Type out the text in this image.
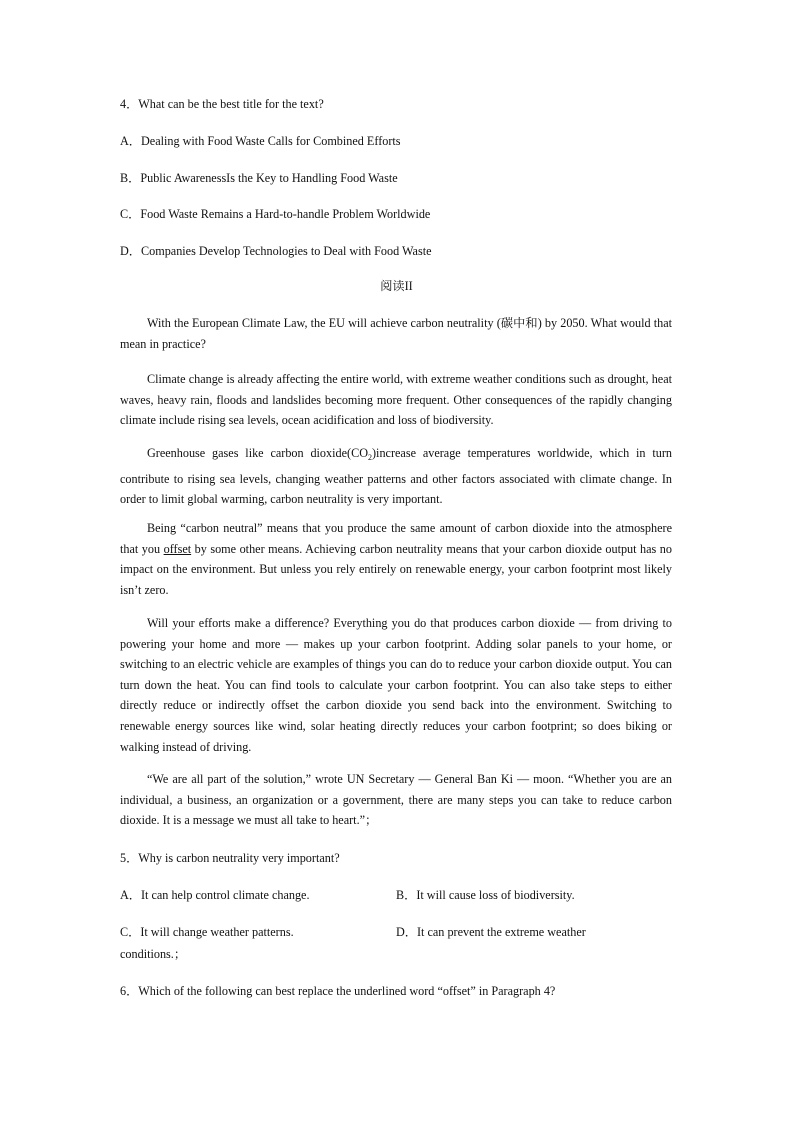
4．What can be the best title for the text?
A．Dealing with Food Waste Calls for Combined Efforts
B．Public AwarenessIs the Key to Handling Food Waste
C．Food Waste Remains a Hard-to-handle Problem Worldwide
D．Companies Develop Technologies to Deal with Food Waste
阅读II
With the European Climate Law, the EU will achieve carbon neutrality (碳中和) by 2050. What would that mean in practice?
Climate change is already affecting the entire world, with extreme weather conditions such as drought, heat waves, heavy rain, floods and landslides becoming more frequent. Other consequences of the rapidly changing climate include rising sea levels, ocean acidification and loss of biodiversity.
Greenhouse gases like carbon $dioxide(CO_2)increase$ average temperatures worldwide, which in turn contribute to rising sea levels, changing weather patterns and other factors associated with climate change. In order to limit global warming, carbon neutrality is very important.
Being “carbon neutral” means that you produce the same amount of carbon dioxide into the atmosphere that you offset by some other means. Achieving carbon neutrality means that your carbon dioxide output has no impact on the environment. But unless you rely entirely on renewable energy, your carbon footprint most likely isn’t zero.
Will your efforts make a difference? Everything you do that produces carbon dioxide — from driving to powering your home and more — makes up your carbon footprint. Adding solar panels to your home, or switching to an electric vehicle are examples of things you can do to reduce your carbon dioxide output. You can turn down the heat. You can find tools to calculate your carbon footprint. You can also take steps to either directly reduce or indirectly offset the carbon dioxide you send back into the environment. Switching to renewable energy sources like wind, solar heating directly reduces your carbon footprint; so does biking or walking instead of driving.
“We are all part of the solution,” wrote UN Secretary — General Ban Ki — moon. “Whether you are an individual, a business, an organization or a government, there are many steps you can take to reduce carbon dioxide. It is a message we must all take to heart.”；
5．Why is carbon neutrality very important?
A．It can help control climate change.	B．It will cause loss of biodiversity.
C．It will change weather patterns.	D．It can prevent the extreme weather
conditions.；
6．Which of the following can best replace the underlined word “offset” in Paragraph 4?
